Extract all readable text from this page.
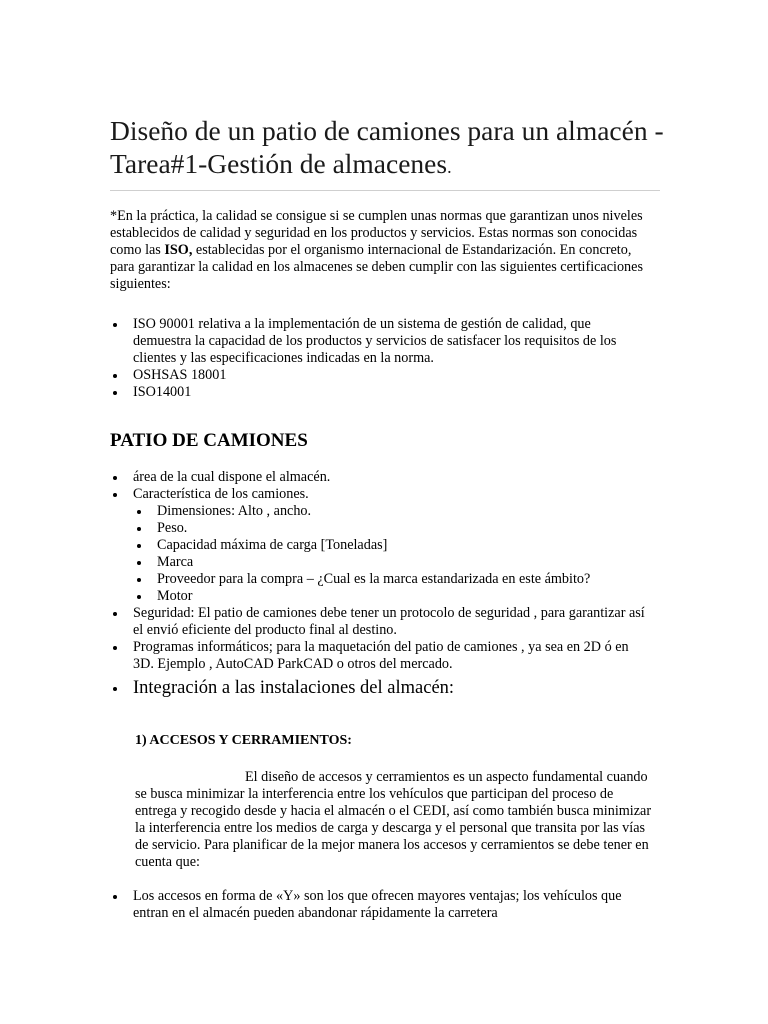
Diseño de un patio de camiones para un almacén - Tarea#1-Gestión de almacenes.

*En la práctica, la calidad se consigue si se cumplen unas normas que garantizan unos niveles establecidos de calidad y seguridad en los productos y servicios. Estas normas son conocidas como las ISO, establecidas por el organismo internacional de Estandarización. En concreto, para garantizar la calidad en los almacenes se deben cumplir con las siguientes certificaciones siguientes:

ISO 90001 relativa a la implementación de un sistema de gestión de calidad, que demuestra la capacidad de los productos y servicios de satisfacer los requisitos de los clientes y las especificaciones indicadas en la norma.
OSHSAS 18001
ISO14001
PATIO DE CAMIONES
área de la cual dispone el almacén.
Característica de los camiones.
Dimensiones: Alto , ancho.
Peso.
Capacidad máxima de carga [Toneladas]
Marca
Proveedor para la compra – ¿Cual es la marca estandarizada en este ámbito?
Motor
Seguridad: El patio de camiones debe tener un protocolo de seguridad , para garantizar así el envió eficiente del producto final al destino.
Programas informáticos; para la maquetación del patio de camiones , ya sea en 2D ó en 3D. Ejemplo , AutoCAD ParkCAD o otros del mercado.
Integración a las instalaciones del almacén:
1) ACCESOS Y CERRAMIENTOS:

El diseño de accesos y cerramientos es un aspecto fundamental cuando se busca minimizar la interferencia entre los vehículos que participan del proceso de entrega y recogido desde y hacia el almacén o el CEDI, así como también busca minimizar la interferencia entre los medios de carga y descarga y el personal que transita por las vías de servicio. Para planificar de la mejor manera los accesos y cerramientos se debe tener en cuenta que:

Los accesos en forma de «Y» son los que ofrecen mayores ventajas; los vehículos que entran en el almacén pueden abandonar rápidamente la carretera
